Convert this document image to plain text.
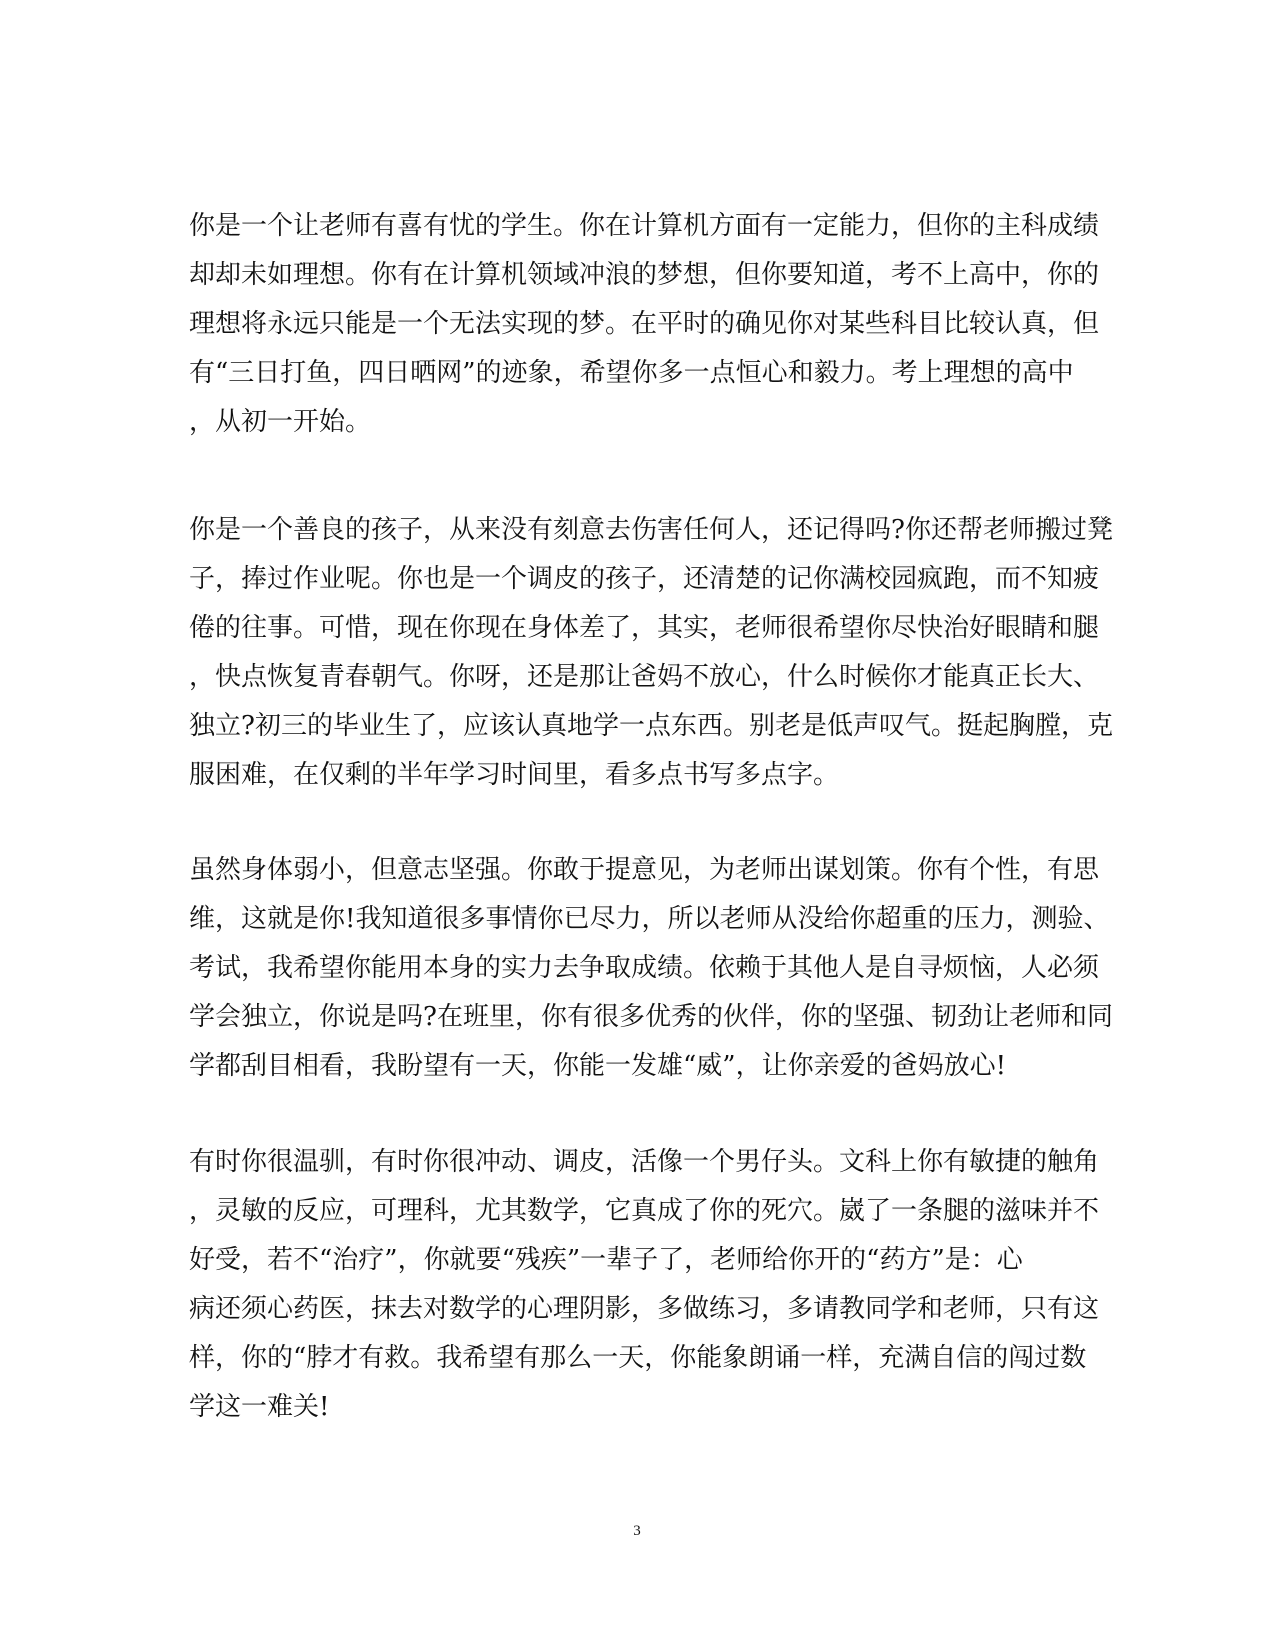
你是一个让老师有喜有忧的学生。你在计算机方面有一定能力，但你的主科成绩
却却未如理想。你有在计算机领域冲浪的梦想，但你要知道，考不上高中，你的
理想将永远只能是一个无法实现的梦。在平时的确见你对某些科目比较认真，但
有“三日打鱼，四日晒网”的迹象，希望你多一点恒心和毅力。考上理想的高中
，从初一开始。
你是一个善良的孩子，从来没有刻意去伤害任何人，还记得吗?你还帮老师搬过凳
子，捧过作业呢。你也是一个调皮的孩子，还清楚的记你满校园疯跑，而不知疲
倦的往事。可惜，现在你现在身体差了，其实，老师很希望你尽快治好眼睛和腿
，快点恢复青春朝气。你呀，还是那让爸妈不放心，什么时候你才能真正长大、
独立?初三的毕业生了，应该认真地学一点东西。别老是低声叹气。挺起胸膛，克
服困难，在仅剩的半年学习时间里，看多点书写多点字。
虽然身体弱小，但意志坚强。你敢于提意见，为老师出谋划策。你有个性，有思
维，这就是你!我知道很多事情你已尽力，所以老师从没给你超重的压力，测验、
考试，我希望你能用本身的实力去争取成绩。依赖于其他人是自寻烦恼，人必须
学会独立，你说是吗?在班里，你有很多优秀的伙伴，你的坚强、韧劲让老师和同
学都刮目相看，我盼望有一天，你能一发雄“威”，让你亲爱的爸妈放心!
有时你很温驯，有时你很冲动、调皮，活像一个男仔头。文科上你有敏捷的触角
，灵敏的反应，可理科，尤其数学，它真成了你的死穴。崴了一条腿的滋味并不
好受，若不“治疗”，你就要“残疾”一辈子了，老师给你开的“药方”是：心
病还须心药医，抹去对数学的心理阴影，多做练习，多请教同学和老师，只有这
样，你的“脖才有救。我希望有那么一天，你能象朗诵一样，充满自信的闯过数
学这一难关!
3
